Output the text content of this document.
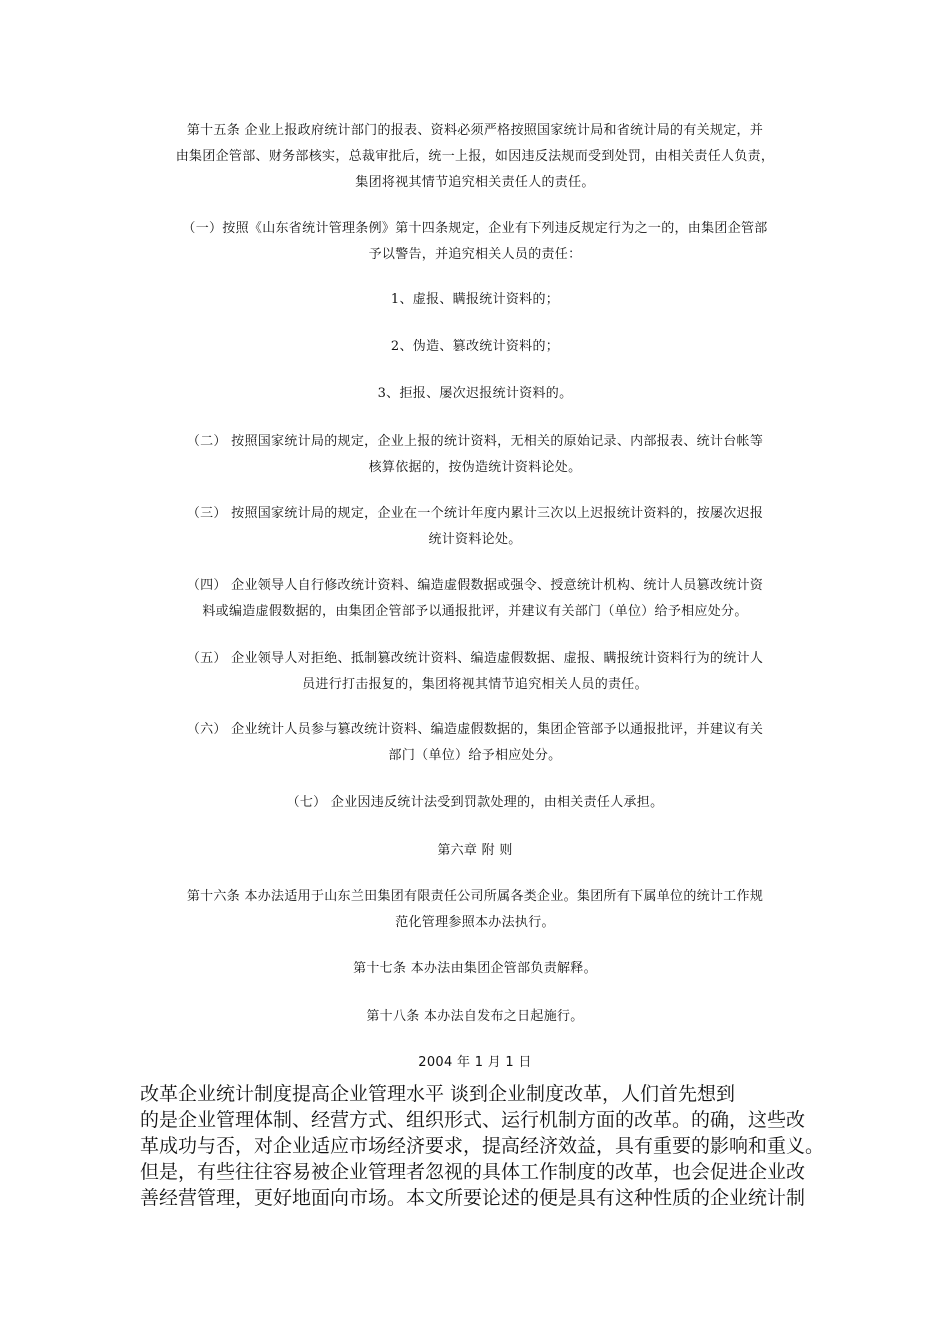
第十五条 企业上报政府统计部门的报表、资料必须严格按照国家统计局和省统计局的有关规定，并
由集团企管部、财务部核实，总裁审批后，统一上报，如因违反法规而受到处罚，由相关责任人负责，
集团将视其情节追究相关责任人的责任。
（一）按照《山东省统计管理条例》第十四条规定，企业有下列违反规定行为之一的，由集团企管部
予以警告，并追究相关人员的责任：
1、虚报、瞒报统计资料的；
2、伪造、篡改统计资料的；
3、拒报、屡次迟报统计资料的。
（二） 按照国家统计局的规定，企业上报的统计资料，无相关的原始记录、内部报表、统计台帐等
核算依据的，按伪造统计资料论处。
（三） 按照国家统计局的规定，企业在一个统计年度内累计三次以上迟报统计资料的，按屡次迟报
统计资料论处。
（四） 企业领导人自行修改统计资料、编造虚假数据或强令、授意统计机构、统计人员篡改统计资
料或编造虚假数据的，由集团企管部予以通报批评，并建议有关部门（单位）给予相应处分。
（五） 企业领导人对拒绝、抵制篡改统计资料、编造虚假数据、虚报、瞒报统计资料行为的统计人
员进行打击报复的，集团将视其情节追究相关人员的责任。
（六） 企业统计人员参与篡改统计资料、编造虚假数据的，集团企管部予以通报批评，并建议有关
部门（单位）给予相应处分。
（七） 企业因违反统计法受到罚款处理的，由相关责任人承担。
第六章 附 则
第十六条 本办法适用于山东兰田集团有限责任公司所属各类企业。集团所有下属单位的统计工作规
范化管理参照本办法执行。
第十七条 本办法由集团企管部负责解释。
第十八条 本办法自发布之日起施行。
2004 年 1 月 1 日
改革企业统计制度提高企业管理水平 谈到企业制度改革，人们首先想到
的是企业管理体制、经营方式、组织形式、运行机制方面的改革。的确，这些改
革成功与否，对企业适应市场经济要求，提高经济效益，具有重要的影响和重义。
但是，有些往往容易被企业管理者忽视的具体工作制度的改革，也会促进企业改
善经营管理，更好地面向市场。本文所要论述的便是具有这种性质的企业统计制
